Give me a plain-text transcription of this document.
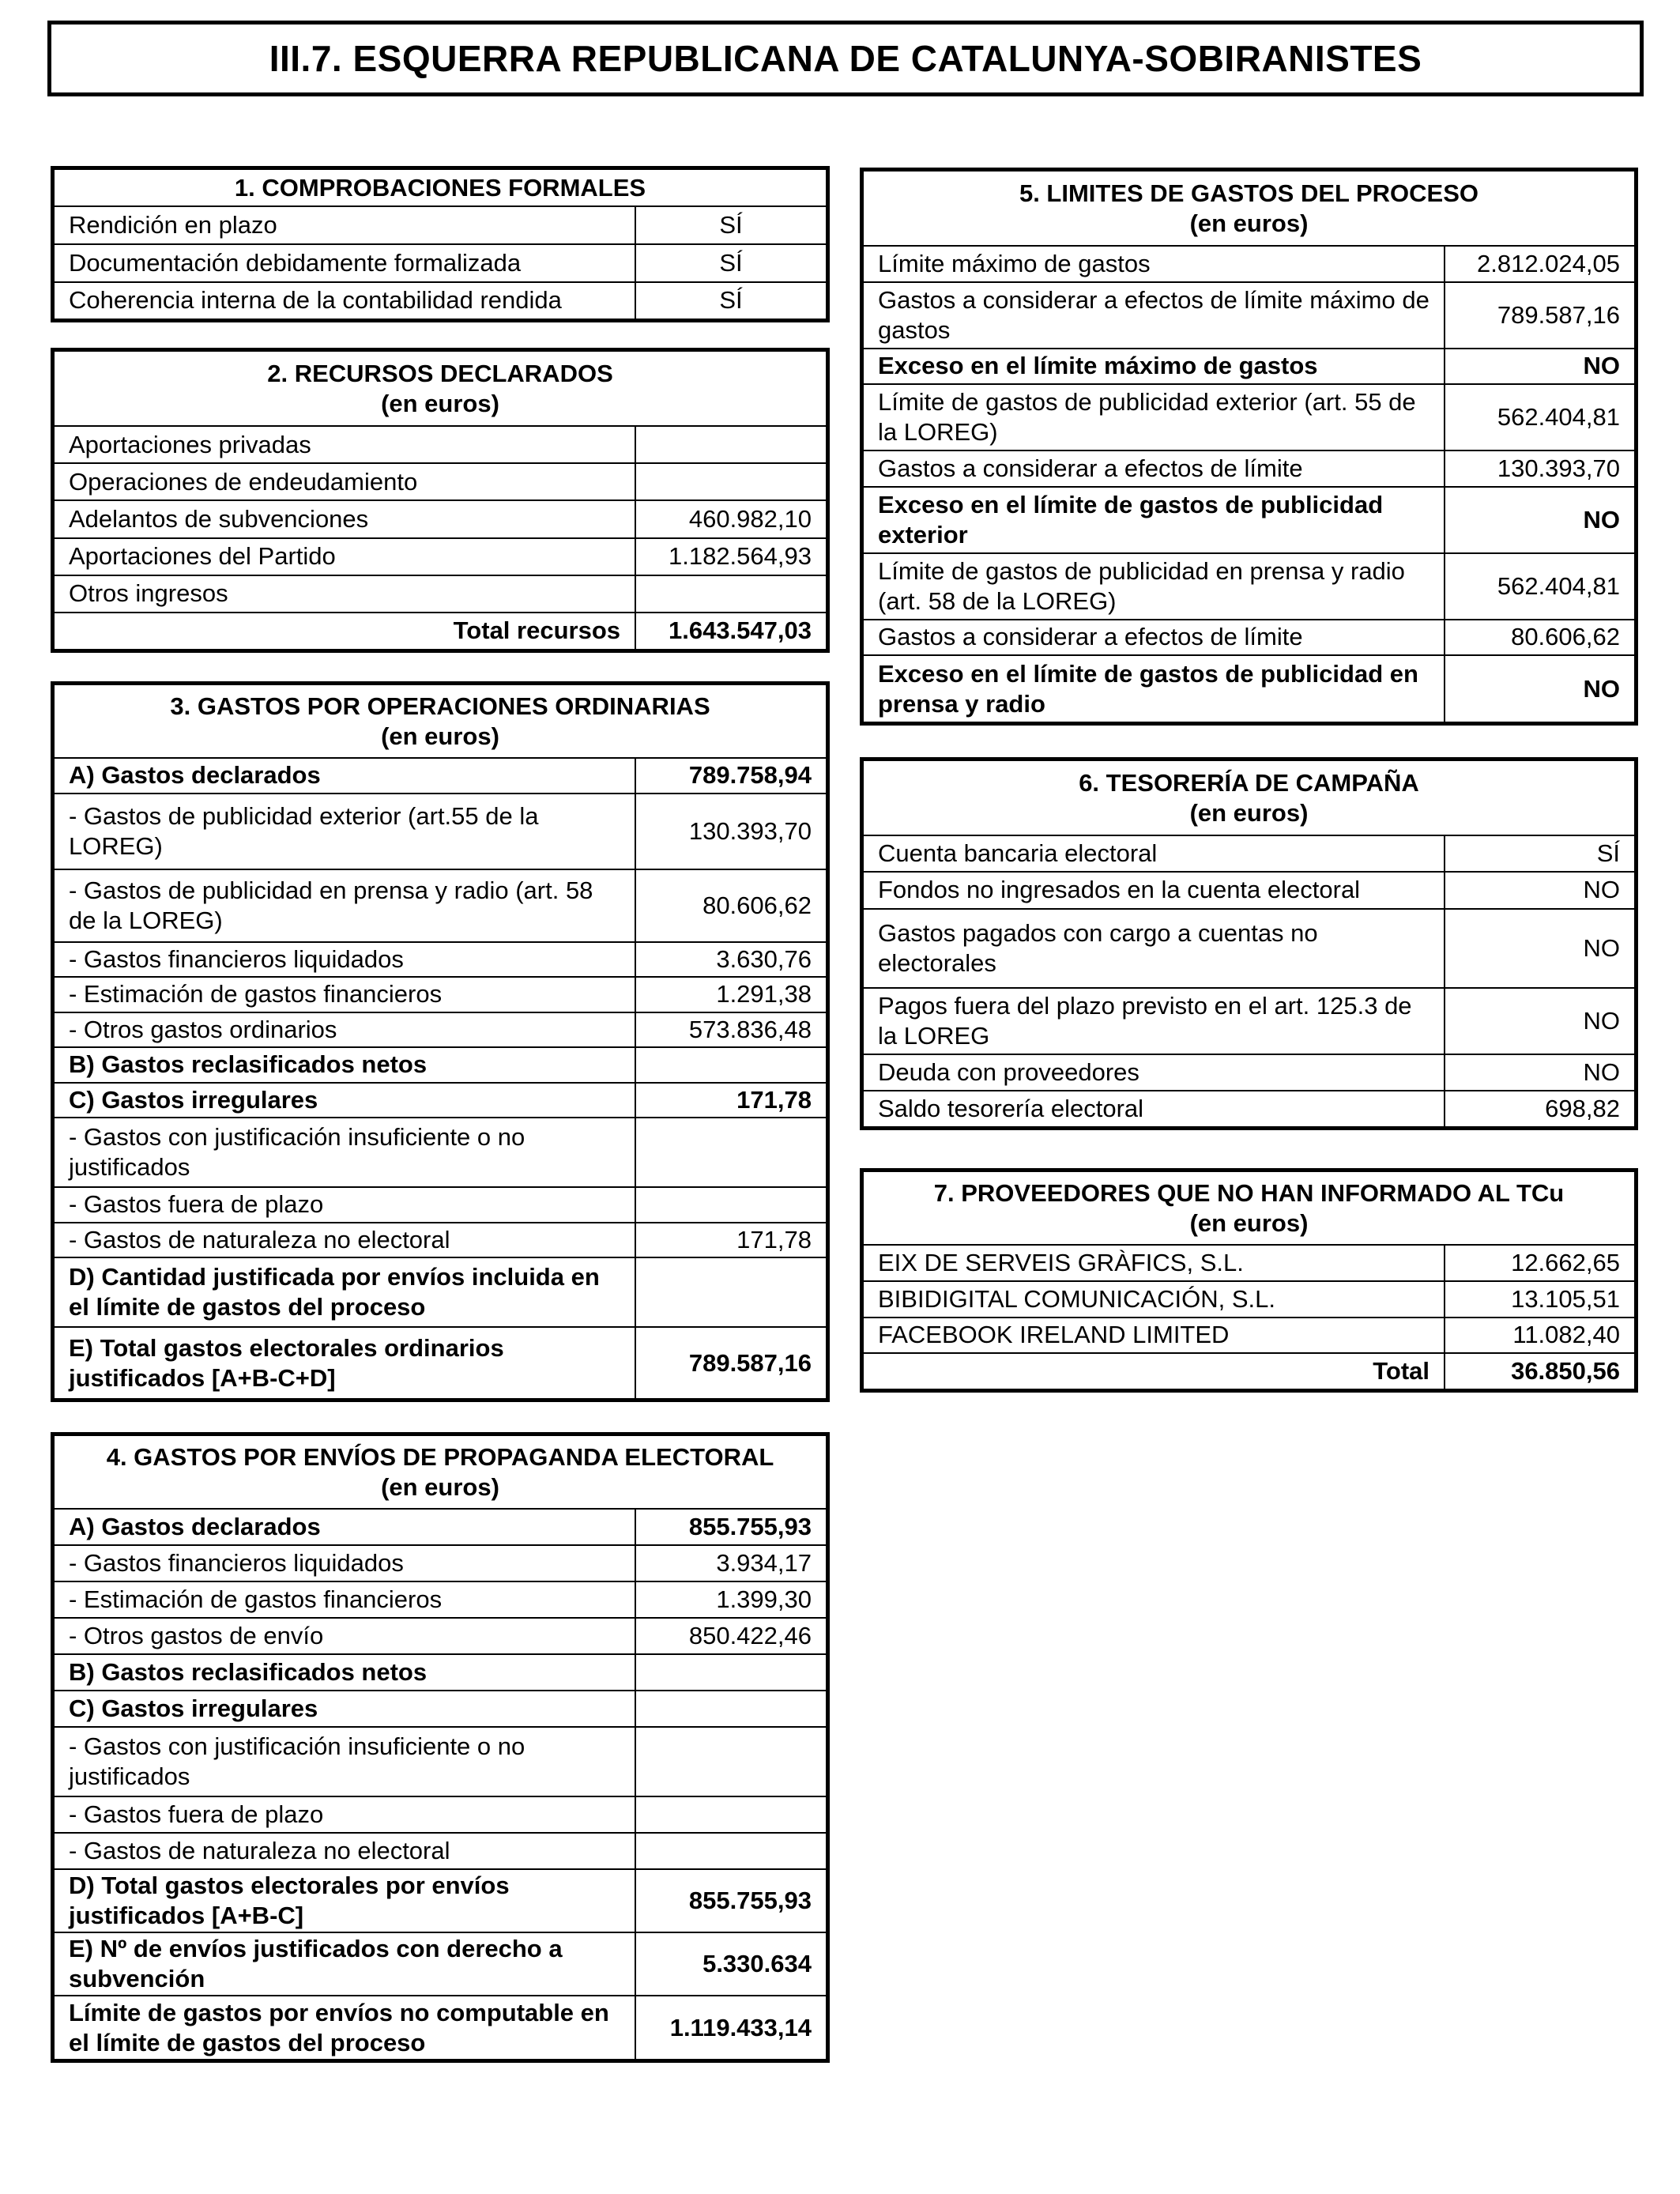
III.7. ESQUERRA REPUBLICANA DE CATALUNYA-SOBIRANISTES
1. COMPROBACIONES FORMALES	
Rendición en plazo	SÍ
Documentación debidamente formalizada	SÍ
Coherencia interna de la contabilidad rendida	SÍ
2. RECURSOS DECLARADOS
(en euros)	

Aportaciones privadas	
Operaciones de endeudamiento	
Adelantos de subvenciones	460.982,10
Aportaciones del Partido	1.182.564,93
Otros ingresos	
Total recursos	1.643.547,03
3. GASTOS POR OPERACIONES ORDINARIAS
(en euros)	

A) Gastos declarados	789.758,94
- Gastos de publicidad exterior (art.55 de la LOREG)	130.393,70
- Gastos de publicidad en prensa y radio (art. 58 de la LOREG)	80.606,62
- Gastos financieros liquidados	3.630,76
- Estimación de gastos financieros	1.291,38
- Otros gastos ordinarios	573.836,48
B) Gastos reclasificados netos	
C) Gastos irregulares	171,78
- Gastos con justificación insuficiente o no justificados	
- Gastos fuera de plazo	
- Gastos de naturaleza no electoral	171,78
D) Cantidad justificada por envíos incluida en el límite de gastos del proceso	
E) Total gastos electorales ordinarios justificados [A+B-C+D]	789.587,16
4. GASTOS POR ENVÍOS DE PROPAGANDA ELECTORAL
(en euros)	

A) Gastos declarados	855.755,93
- Gastos financieros liquidados	3.934,17
- Estimación de gastos financieros	1.399,30
- Otros gastos de envío	850.422,46
B) Gastos reclasificados netos	
C) Gastos irregulares	
- Gastos con justificación insuficiente o no justificados	
- Gastos fuera de plazo	
- Gastos de naturaleza no electoral	
D) Total gastos electorales por envíos justificados [A+B-C]	855.755,93
E) Nº de envíos justificados con derecho a subvención	5.330.634
Límite de gastos por envíos no computable en el límite de gastos del proceso	1.119.433,14
5. LIMITES DE GASTOS DEL PROCESO
(en euros)	

Límite máximo de gastos	2.812.024,05
Gastos a considerar a efectos de límite máximo de gastos	789.587,16
Exceso en el límite máximo de gastos	NO
Límite de gastos de publicidad exterior (art. 55 de la LOREG)	562.404,81
Gastos a considerar a efectos de límite	130.393,70
Exceso en el límite de gastos de publicidad exterior	NO
Límite de gastos de publicidad en prensa y radio (art. 58 de la LOREG)	562.404,81
Gastos a considerar a efectos de límite	80.606,62
Exceso en el límite de gastos de publicidad en prensa y radio	NO
6. TESORERÍA DE CAMPAÑA
(en euros)	

Cuenta bancaria electoral	SÍ
Fondos no ingresados en la cuenta electoral	NO
Gastos pagados con cargo a cuentas no electorales	NO
Pagos fuera del plazo previsto en el art. 125.3 de la LOREG	NO
Deuda con proveedores	NO
Saldo tesorería electoral	698,82
7. PROVEEDORES QUE NO HAN INFORMADO AL TCu
(en euros)	

EIX DE SERVEIS GRÀFICS, S.L.	12.662,65
BIBIDIGITAL COMUNICACIÓN, S.L.	13.105,51
FACEBOOK IRELAND LIMITED	11.082,40
Total	36.850,56
